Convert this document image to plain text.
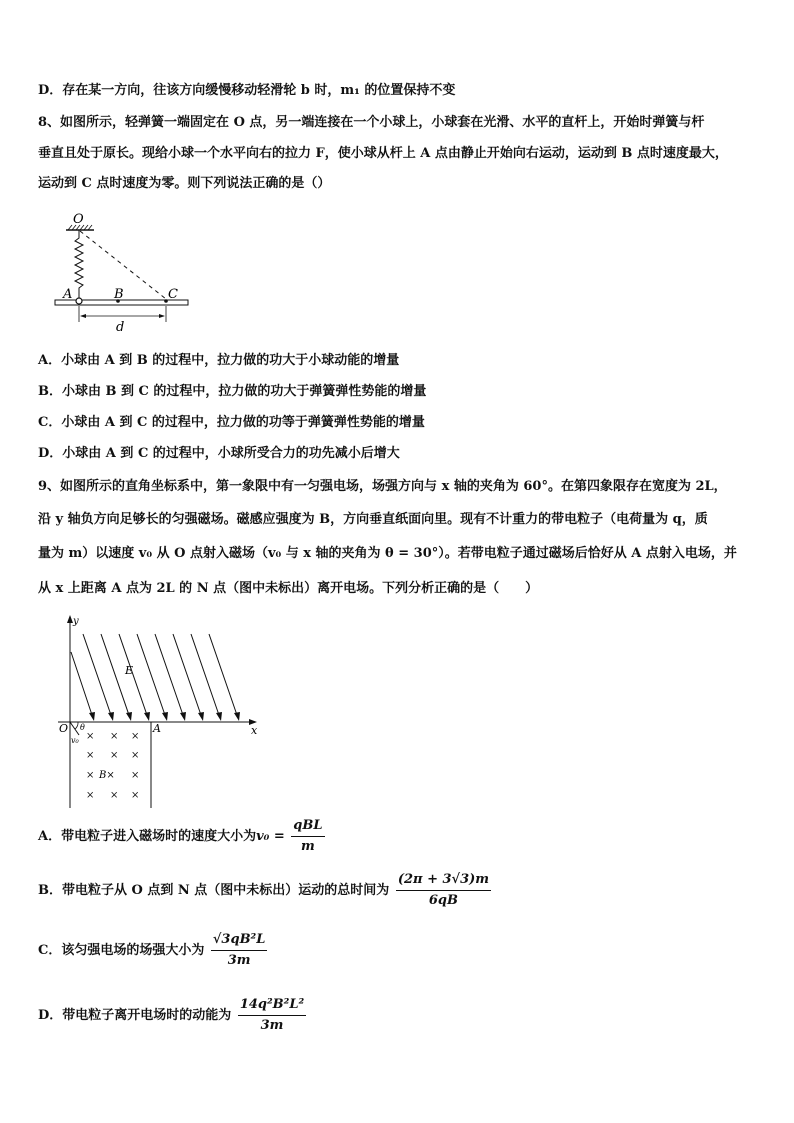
D．存在某一方向，往该方向缓慢移动轻滑轮 b 时，m₁ 的位置保持不变
8、如图所示，轻弹簧一端固定在 O 点，另一端连接在一个小球上，小球套在光滑、水平的直杆上，开始时弹簧与杆
垂直且处于原长。现给小球一个水平向右的拉力 F，使小球从杆上 A 点由静止开始向右运动，运动到 B 点时速度最大，
运动到 C 点时速度为零。则下列说法正确的是（）
O
A	B	C
d
A．小球由 A 到 B 的过程中，拉力做的功大于小球动能的增量
B．小球由 B 到 C 的过程中，拉力做的功大于弹簧弹性势能的增量
C．小球由 A 到 C 的过程中，拉力做的功等于弹簧弹性势能的增量
D．小球由 A 到 C 的过程中，小球所受合力的功先减小后增大
9、如图所示的直角坐标系中，第一象限中有一匀强电场，场强方向与 x 轴的夹角为 60°。在第四象限存在宽度为 2L，
沿 y 轴负方向足够长的匀强磁场。磁感应强度为 B，方向垂直纸面向里。现有不计重力的带电粒子（电荷量为 q，质
量为 m）以速度 v₀ 从 O 点射入磁场（v₀ 与 x 轴的夹角为 θ = 30°）。若带电粒子通过磁场后恰好从 A 点射入电场，并
从 x 上距离 A 点为 2L 的 N 点（图中未标出）离开电场。下列分析正确的是（　　）
× × ×
× × ×
×
×
× × ×
y
x
O	A
E
B×
θ
v₀
A．带电粒子进入磁场时的速度大小为$v_0 = \frac{\text{qBL}}{m}$
B．带电粒子从 O 点到 N 点（图中未标出）运动的总时间为 $\frac{(2\pi + 3√3)m}{6qB}$
C．该匀强电场的场强大小为 $\frac{\text{√3qB²L}}{3m}$
D．带电粒子离开电场时的动能为 $\frac{\text{14q²B²L²}}{3m}$
